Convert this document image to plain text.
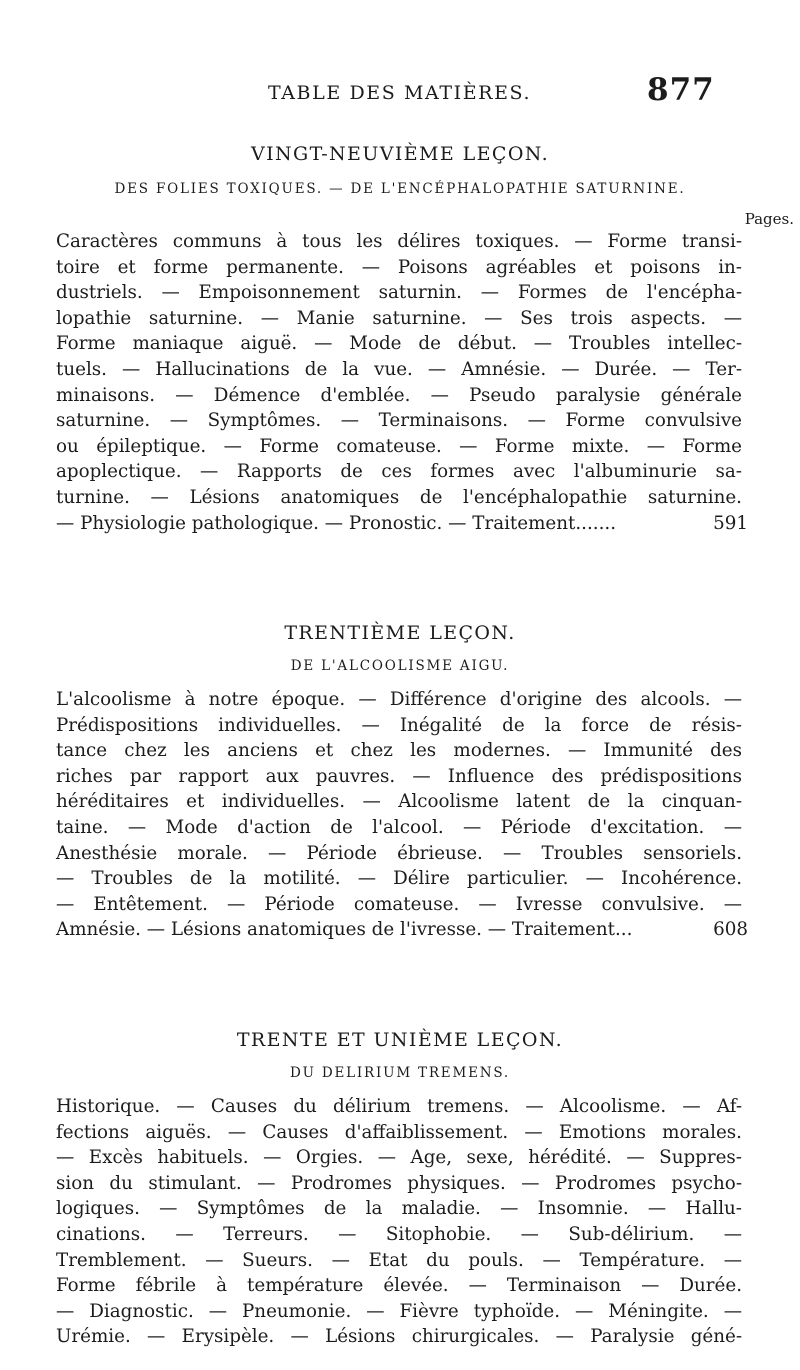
TABLE DES MATIÈRES.	877

VINGT-NEUVIÈME LEÇON.

DES FOLIES TOXIQUES. — DE L'ENCÉPHALOPATHIE SATURNINE.

Pages.
Caractères communs à tous les délires toxiques. — Forme transi-
toire et forme permanente. — Poisons agréables et poisons in-
dustriels. — Empoisonnement saturnin. — Formes de l'encépha-
lopathie saturnine. — Manie saturnine. — Ses trois aspects. —
Forme maniaque aiguë. — Mode de début. — Troubles intellec-
tuels. — Hallucinations de la vue. — Amnésie. — Durée. — Ter-
minaisons. — Démence d'emblée. — Pseudo paralysie générale
saturnine. — Symptômes. — Terminaisons. — Forme convulsive
ou épileptique. — Forme comateuse. — Forme mixte. — Forme
apoplectique. — Rapports de ces formes avec l'albuminurie sa-
turnine. — Lésions anatomiques de l'encéphalopathie saturnine.
— Physiologie pathologique. — Pronostic. — Traitement.......	591

TRENTIÈME LEÇON.

DE L'ALCOOLISME AIGU.

L'alcoolisme à notre époque. — Différence d'origine des alcools. —
Prédispositions individuelles. — Inégalité de la force de résis-
tance chez les anciens et chez les modernes. — Immunité des
riches par rapport aux pauvres. — Influence des prédispositions
héréditaires et individuelles. — Alcoolisme latent de la cinquan-
taine. — Mode d'action de l'alcool. — Période d'excitation. —
Anesthésie morale. — Période ébrieuse. — Troubles sensoriels.
— Troubles de la motilité. — Délire particulier. — Incohérence.
— Entêtement. — Période comateuse. — Ivresse convulsive. —
Amnésie. — Lésions anatomiques de l'ivresse. — Traitement...	608

TRENTE ET UNIÈME LEÇON.

DU DELIRIUM TREMENS.

Historique. — Causes du délirium tremens. — Alcoolisme. — Af-
fections aiguës. — Causes d'affaiblissement. — Emotions morales.
— Excès habituels. — Orgies. — Age, sexe, hérédité. — Suppres-
sion du stimulant. — Prodromes physiques. — Prodromes psycho-
logiques. — Symptômes de la maladie. — Insomnie. — Hallu-
cinations. — Terreurs. — Sitophobie. — Sub-délirium. —
Tremblement. — Sueurs. — Etat du pouls. — Température. —
Forme fébrile à température élevée. — Terminaison — Durée.
— Diagnostic. — Pneumonie. — Fièvre typhoïde. — Méningite. —
Urémie. — Erysipèle. — Lésions chirurgicales. — Paralysie géné-
